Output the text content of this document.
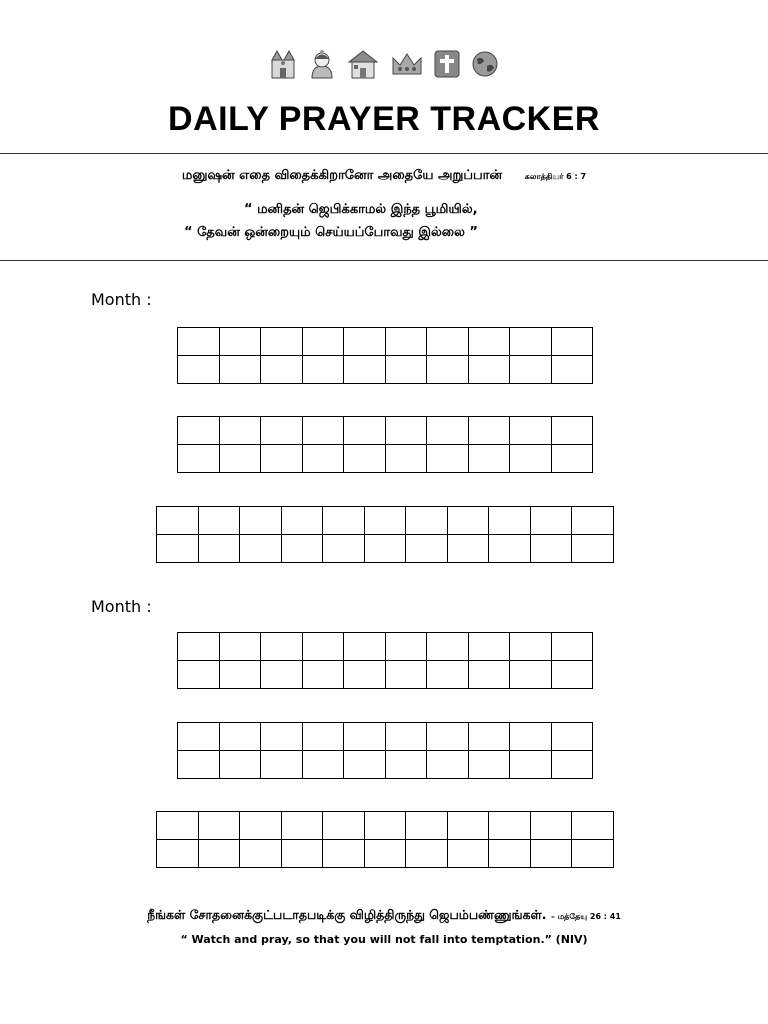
DAILY PRAYER TRACKER
மனுஷன் எதை விதைக்கிறானோ அதையே அறுப்பான்	கலாத்தியர் 6 : 7
“ மனிதன் ஜெபிக்காமல் இந்த பூமியில்,
“ தேவன் ஒன்றையும் செய்யப்போவது இல்லை ”
Month :

Month :

நீங்கள் சோதனைக்குட்படாதபடிக்கு விழித்திருந்து ஜெபம்பண்ணுங்கள். – மத்தேயு 26 : 41
“ Watch and pray, so that you will not fall into temptation.” (NIV)
